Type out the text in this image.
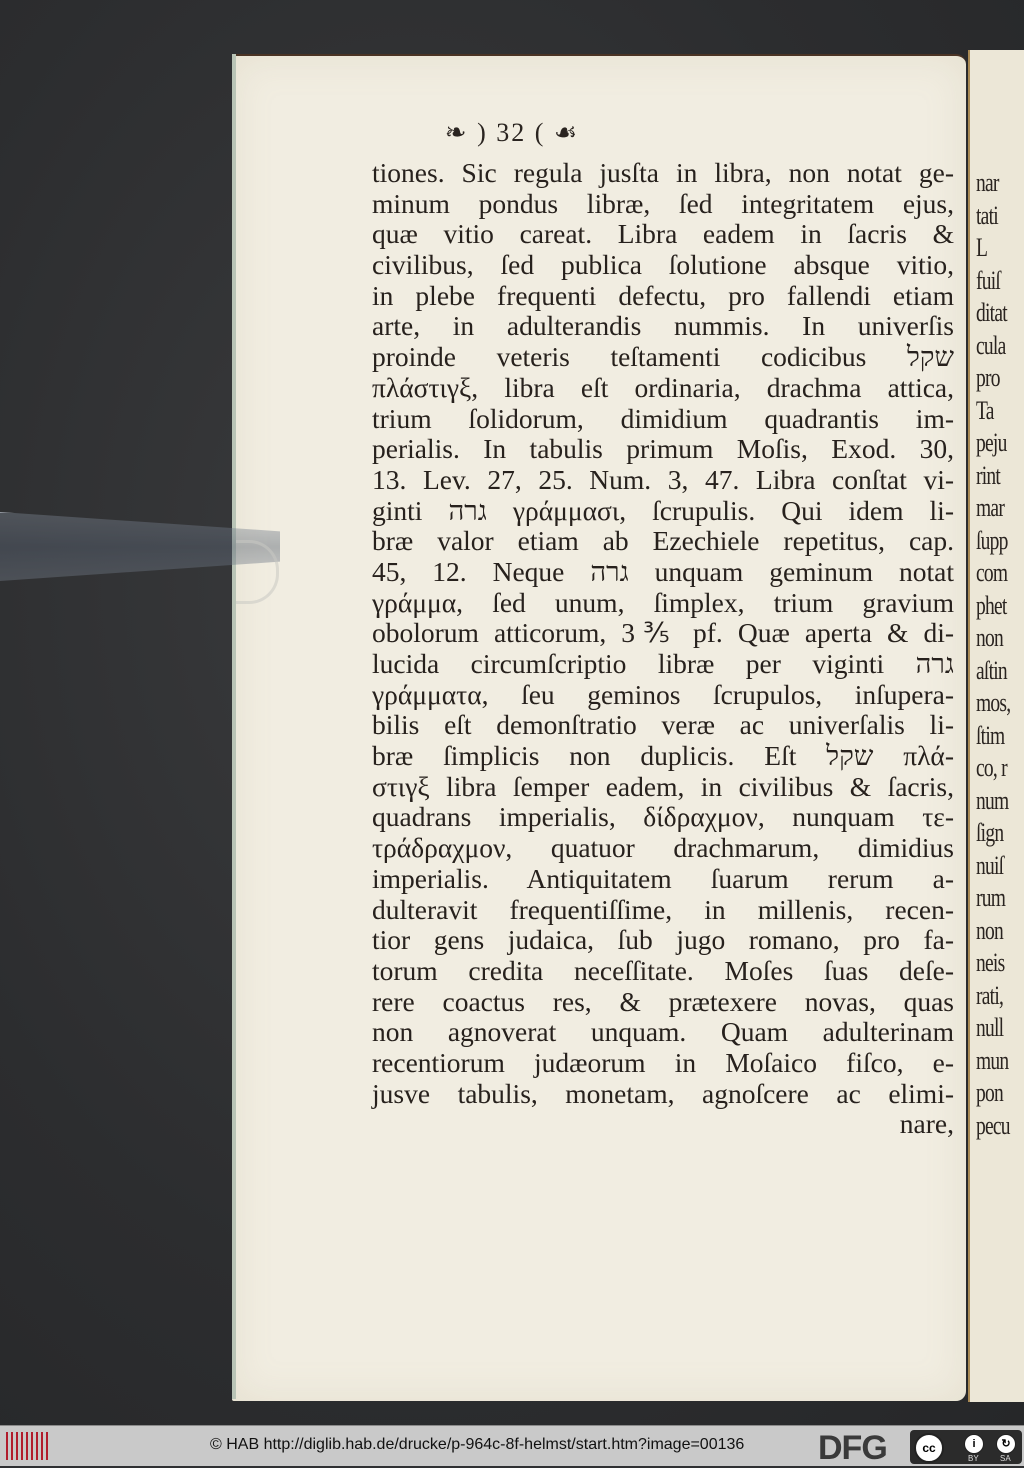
nar
tati
L
fuiſ
ditat
cula
pro
Ta
peju
rint
mar
ſupp
com
phet
non
aſtin
mos,
ſtim
co, r
num
ſign
nuiſ
rum
non
neis
rati,
null
mun
pon
pecu
❧ ) 32 ( ☙
tiones. Sic regula jusſta in libra, non notat ge-
minum pondus libræ, ſed integritatem ejus,
quæ vitio careat. Libra eadem in ſacris &
civilibus, ſed publica ſolutione absque vitio,
in plebe frequenti defectu, pro fallendi etiam
arte, in adulterandis nummis. In univerſis
proinde veteris teſtamenti codicibus שקל
πλάστιγξ, libra eſt ordinaria, drachma attica,
trium ſolidorum, dimidium quadrantis im-
perialis. In tabulis primum Moſis, Exod. 30,
13. Lev. 27, 25. Num. 3, 47. Libra conſtat vi-
ginti גרה γράμμασι, ſcrupulis. Qui idem li-
bræ valor etiam ab Ezechiele repetitus, cap.
45, 12. Neque גרה unquam geminum notat
γράμμα, ſed unum, ſimplex, trium gravium
obolorum atticorum, 3⅗ pf. Quæ aperta & di-
lucida circumſcriptio libræ per viginti גרה
γράμματα, ſeu geminos ſcrupulos, inſupera-
bilis eſt demonſtratio veræ ac univerſalis li-
bræ ſimplicis non duplicis. Eſt שקל πλά-
στιγξ libra ſemper eadem, in civilibus & ſacris,
quadrans imperialis, δίδραχμον, nunquam τε-
τράδραχμον, quatuor drachmarum, dimidius
imperialis. Antiquitatem ſuarum rerum a-
dulteravit frequentiſſime, in millenis, recen-
tior gens judaica, ſub jugo romano, pro fa-
torum credita neceſſitate. Moſes ſuas deſe-
rere coactus res, & prætexere novas, quas
non agnoverat unquam. Quam adulterinam
recentiorum judæorum in Moſaico fiſco, e-
jusve tabulis, monetam, agnoſcere ac elimi-
nare,
© HAB http://diglib.hab.de/drucke/p-964c-8f-helmst/start.htm?image=00136 DFG	cc	i
BY
↻
SA
